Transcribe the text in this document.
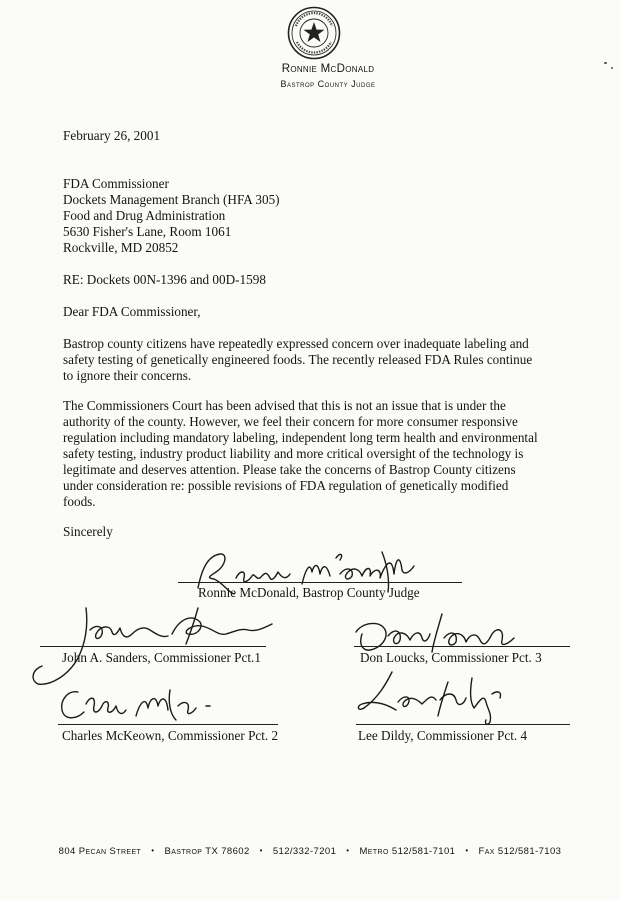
Ronnie McDonald
Bastrop County Judge
February 26, 2001
FDA Commissioner
Dockets Management Branch (HFA 305)
Food and Drug Administration
5630 Fisher's Lane, Room 1061
Rockville, MD 20852
RE: Dockets 00N-1396 and 00D-1598
Dear FDA Commissioner,
Bastrop county citizens have repeatedly expressed concern over inadequate labeling and
safety testing of genetically engineered foods. The recently released FDA Rules continue
to ignore their concerns.
The Commissioners Court has been advised that this is not an issue that is under the
authority of the county. However, we feel their concern for more consumer responsive
regulation including mandatory labeling, independent long term health and environmental
safety testing, industry product liability and more critical oversight of the technology is
legitimate and deserves attention. Please take the concerns of Bastrop County citizens
under consideration re: possible revisions of FDA regulation of genetically modified
foods.
Sincerely
Ronnie McDonald, Bastrop County Judge
John A. Sanders, Commissioner Pct.1	Don Loucks, Commissioner Pct. 3
Charles McKeown, Commissioner Pct. 2	Lee Dildy, Commissioner Pct. 4
804 Pecan Street • Bastrop TX 78602 • 512/332-7201 • Metro 512/581-7101 • Fax 512/581-7103
